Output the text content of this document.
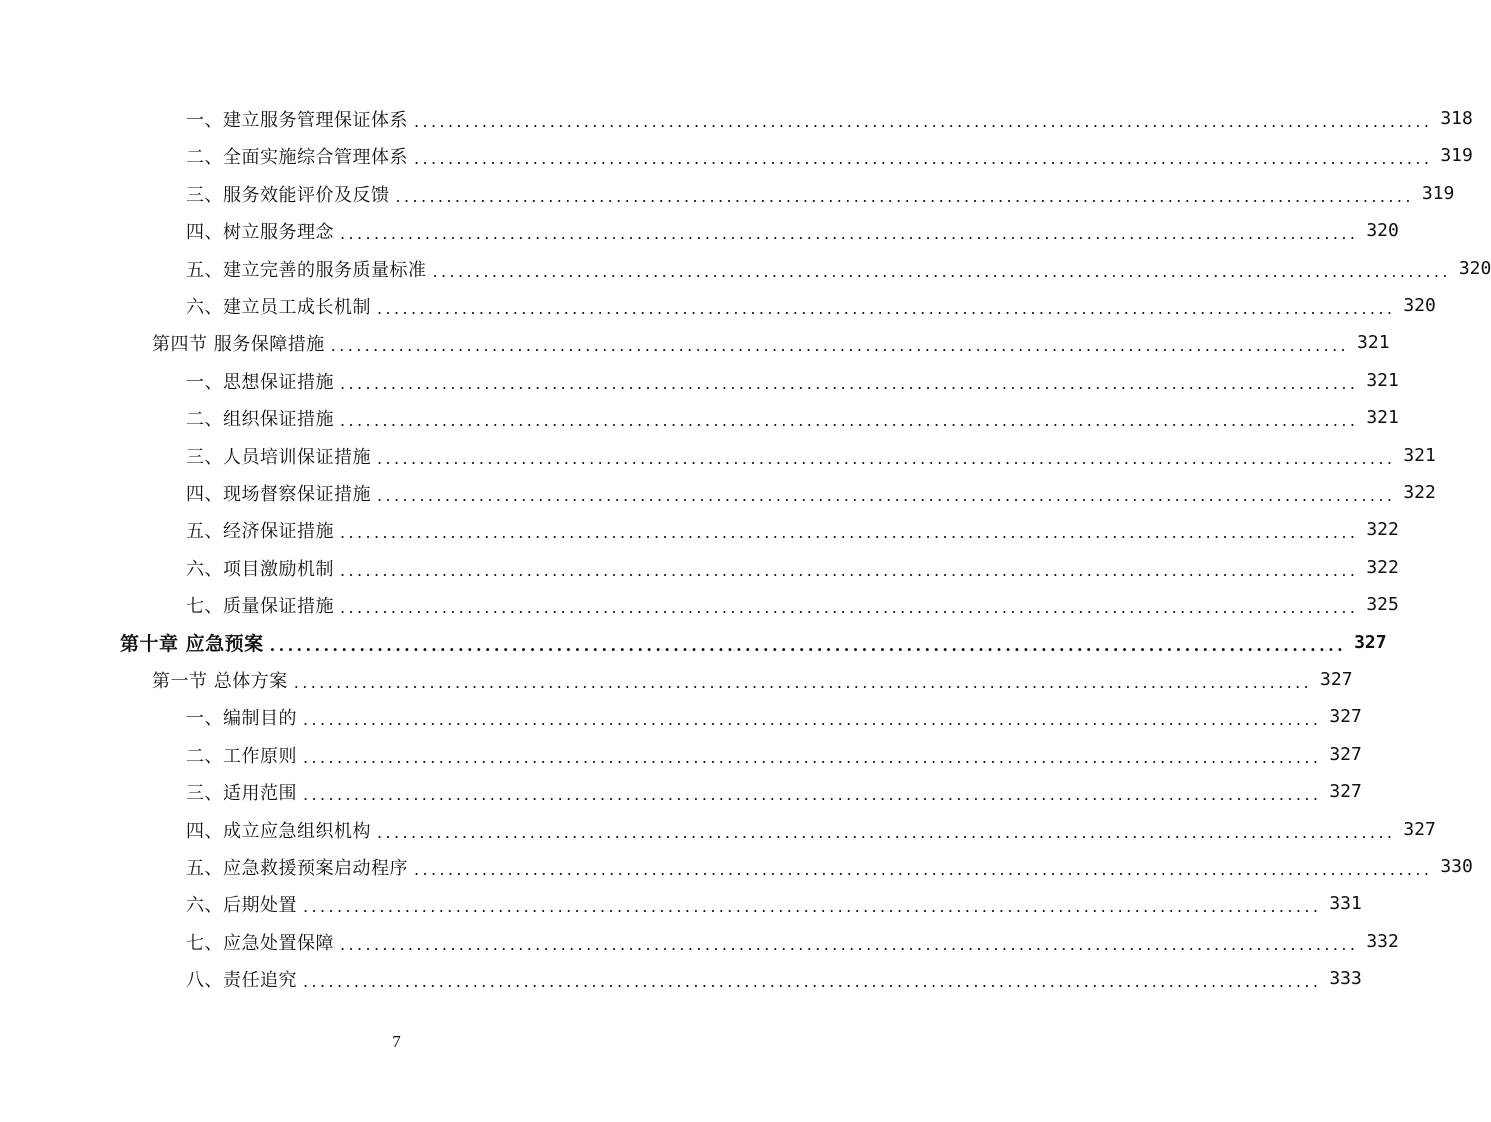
一、建立服务管理保证体系 ........................................................................................................................ 318
二、全面实施综合管理体系 ........................................................................................................................ 319
三、服务效能评价及反馈 ........................................................................................................................ 319
四、树立服务理念 ........................................................................................................................ 320
五、建立完善的服务质量标准 ........................................................................................................................ 320
六、建立员工成长机制 ........................................................................................................................ 320
第四节 服务保障措施 ........................................................................................................................ 321
一、思想保证措施 ........................................................................................................................ 321
二、组织保证措施 ........................................................................................................................ 321
三、人员培训保证措施 ........................................................................................................................ 321
四、现场督察保证措施 ........................................................................................................................ 322
五、经济保证措施 ........................................................................................................................ 322
六、项目激励机制 ........................................................................................................................ 322
七、质量保证措施 ........................................................................................................................ 325
第十章 应急预案 ........................................................................................................................ 327
第一节 总体方案 ........................................................................................................................ 327
一、编制目的 ........................................................................................................................ 327
二、工作原则 ........................................................................................................................ 327
三、适用范围 ........................................................................................................................ 327
四、成立应急组织机构 ........................................................................................................................ 327
五、应急救援预案启动程序 ........................................................................................................................ 330
六、后期处置 ........................................................................................................................ 331
七、应急处置保障 ........................................................................................................................ 332
八、责任追究 ........................................................................................................................ 333
7
